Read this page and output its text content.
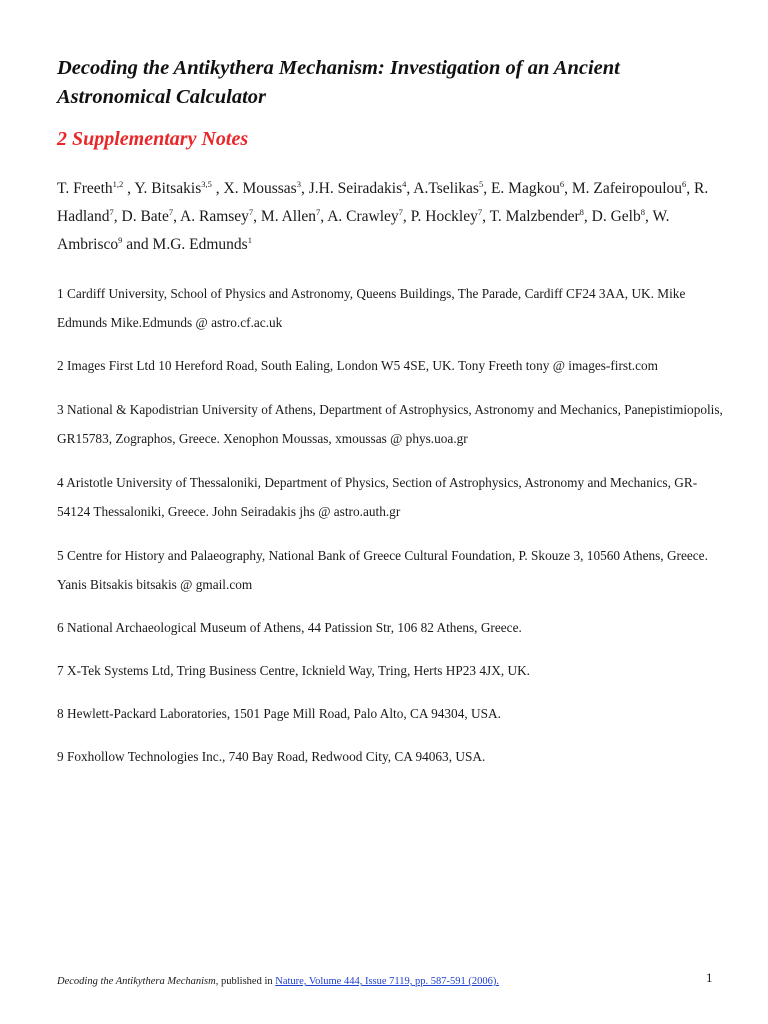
Decoding the Antikythera Mechanism: Investigation of an Ancient Astronomical Calculator
2 Supplementary Notes

T. Freeth$^{1,2}$ , Y. Bitsakis$^{3,5}$ , X. Moussas$^3$, J.H. Seiradakis$^4$, A.Tselikas$^5$, E. Magkou$^6$, M. Zafeiropoulou$^6$, R. Hadland$^7$, D. Bate$^7$, A. Ramsey$^7$, M. Allen$^7$, A. Crawley$^7$, P. Hockley$^7$, T. Malzbender$^8$, D. Gelb$^8$, W. Ambrisco$^9$ and M.G. Edmunds$^1$

1 Cardiff University, School of Physics and Astronomy, Queens Buildings, The Parade, Cardiff CF24 3AA, UK. Mike Edmunds Mike.Edmunds @ astro.cf.ac.uk

2 Images First Ltd 10 Hereford Road, South Ealing, London W5 4SE, UK. Tony Freeth tony @ images-first.com

3 National & Kapodistrian University of Athens, Department of Astrophysics, Astronomy and Mechanics, Panepistimiopolis, GR15783, Zographos, Greece. Xenophon Moussas, xmoussas @ phys.uoa.gr

4 Aristotle University of Thessaloniki, Department of Physics, Section of Astrophysics, Astronomy and Mechanics, GR-54124 Thessaloniki, Greece. John Seiradakis jhs @ astro.auth.gr

5 Centre for History and Palaeography, National Bank of Greece Cultural Foundation, P. Skouze 3, 10560 Athens, Greece. Yanis Bitsakis bitsakis @ gmail.com

6 National Archaeological Museum of Athens, 44 Patission Str, 106 82 Athens, Greece.

7 X-Tek Systems Ltd, Tring Business Centre, Icknield Way, Tring, Herts HP23 4JX, UK.

8 Hewlett-Packard Laboratories, 1501 Page Mill Road, Palo Alto, CA 94304, USA.

9 Foxhollow Technologies Inc., 740 Bay Road, Redwood City, CA 94063, USA.

Decoding the Antikythera Mechanism, published in Nature, Volume 444, Issue 7119, pp. 587-591 (2006).	1
